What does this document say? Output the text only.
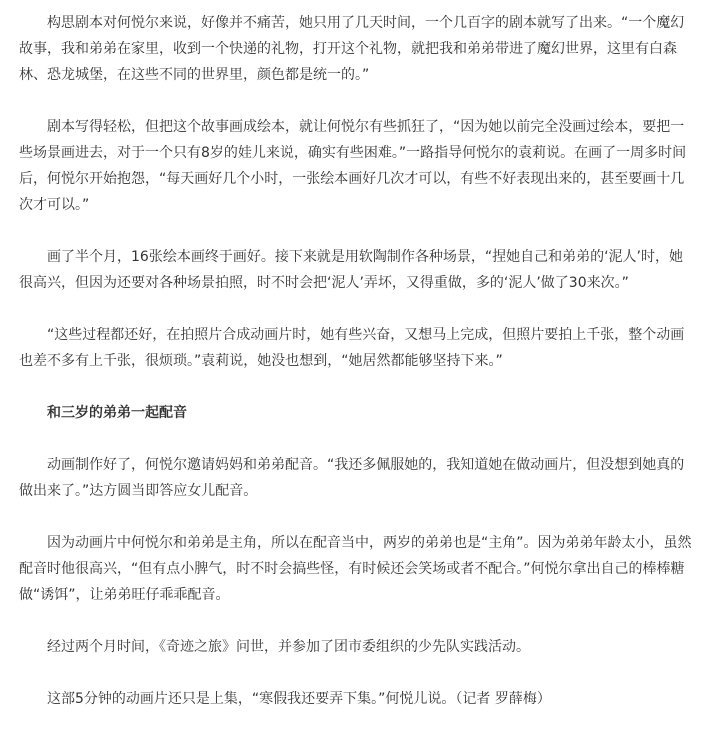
构思剧本对何悦尔来说，好像并不痛苦，她只用了几天时间，一个几百字的剧本就写了出来。“一个魔幻故事，我和弟弟在家里，收到一个快递的礼物，打开这个礼物，就把我和弟弟带进了魔幻世界，这里有白森林、恐龙城堡，在这些不同的世界里，颜色都是统一的。”

剧本写得轻松，但把这个故事画成绘本，就让何悦尔有些抓狂了，“因为她以前完全没画过绘本，要把一些场景画进去，对于一个只有8岁的娃儿来说，确实有些困难。”一路指导何悦尔的袁莉说。在画了一周多时间后，何悦尔开始抱怨，“每天画好几个小时，一张绘本画好几次才可以，有些不好表现出来的，甚至要画十几次才可以。”

画了半个月，16张绘本画终于画好。接下来就是用软陶制作各种场景，“捏她自己和弟弟的‘泥人’时，她很高兴，但因为还要对各种场景拍照，时不时会把‘泥人’弄坏，又得重做，多的‘泥人’做了30来次。”

“这些过程都还好，在拍照片合成动画片时，她有些兴奋，又想马上完成，但照片要拍上千张，整个动画也差不多有上千张，很烦琐。”袁莉说，她没也想到，“她居然都能够坚持下来。”

和三岁的弟弟一起配音

动画制作好了，何悦尔邀请妈妈和弟弟配音。“我还多佩服她的，我知道她在做动画片，但没想到她真的做出来了。”达方圆当即答应女儿配音。

因为动画片中何悦尔和弟弟是主角，所以在配音当中，两岁的弟弟也是“主角”。因为弟弟年龄太小，虽然配音时他很高兴，“但有点小脾气，时不时会搞些怪，有时候还会笑场或者不配合。”何悦尔拿出自己的棒棒糖做“诱饵”，让弟弟旺仔乖乖配音。

经过两个月时间，《奇迹之旅》问世，并参加了团市委组织的少先队实践活动。

这部5分钟的动画片还只是上集，“寒假我还要弄下集。”何悦儿说。（记者 罗薛梅）
